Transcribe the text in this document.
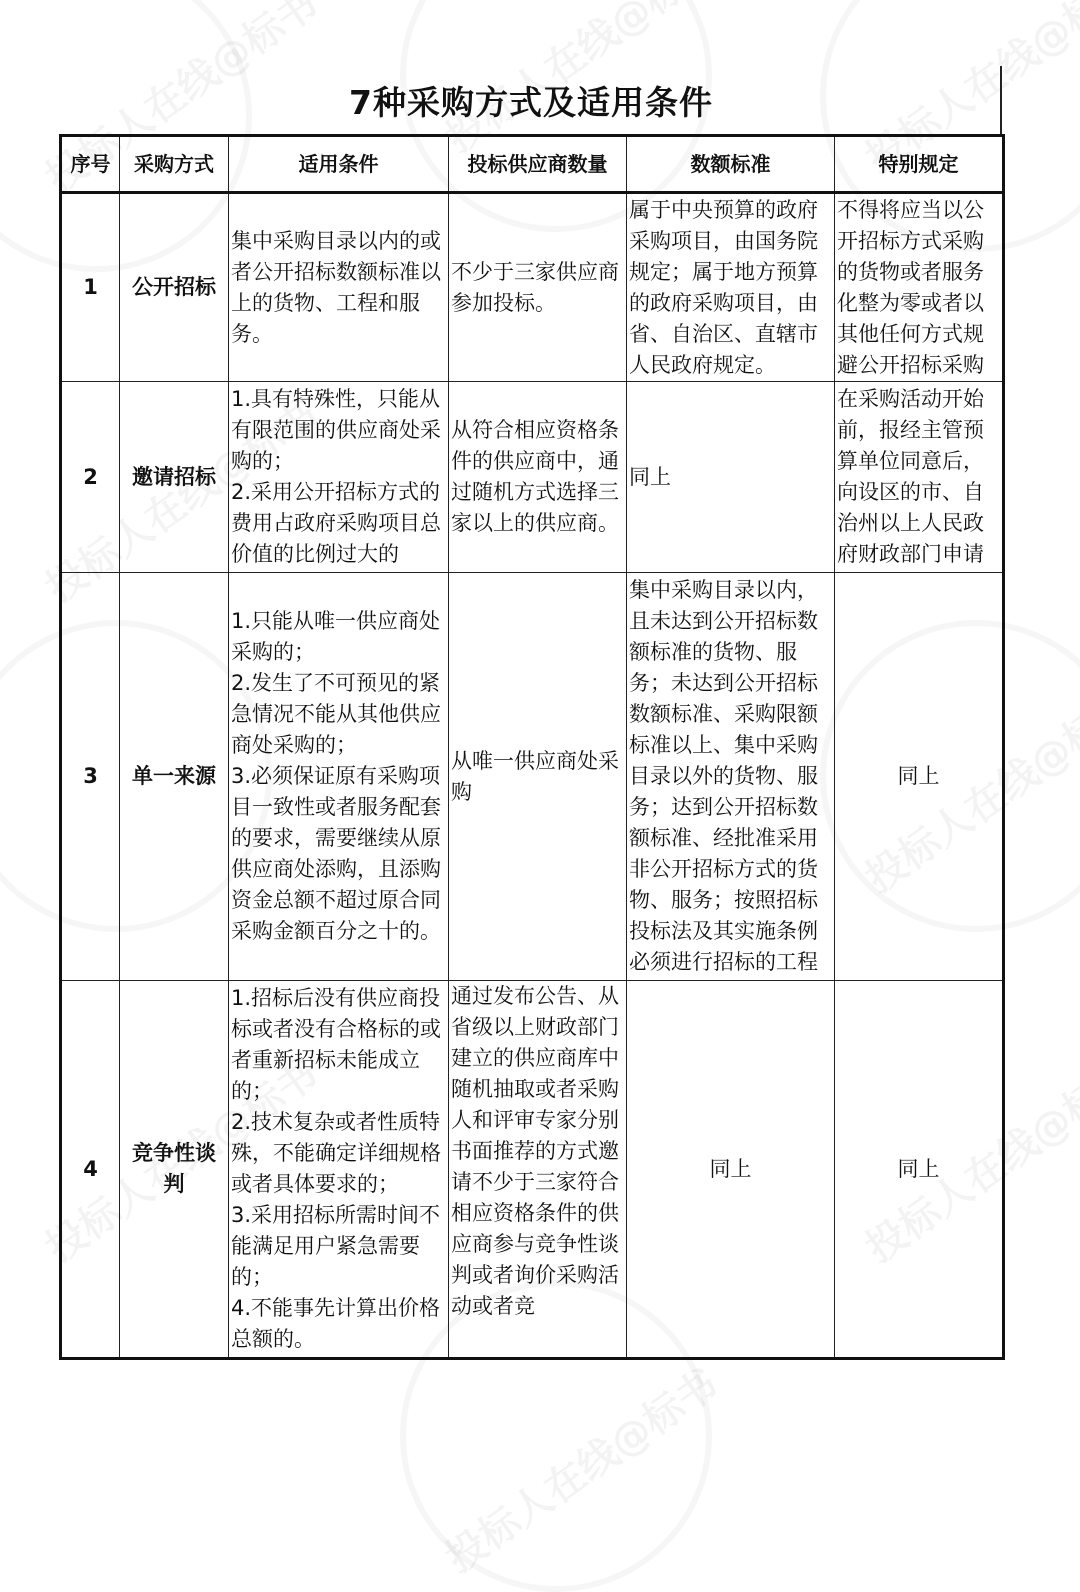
7种采购方式及适用条件
序号	采购方式	适用条件	投标供应商数量	数额标准	特别规定
1	公开招标	集中采购目录以内的或者公开招标数额标准以上的货物、工程和服务。	不少于三家供应商参加投标。	属于中央预算的政府采购项目，由国务院规定；属于地方预算的政府采购项目，由省、自治区、直辖市人民政府规定。	不得将应当以公开招标方式采购的货物或者服务化整为零或者以其他任何方式规避公开招标采购
2	邀请招标	1.具有特殊性，只能从有限范围的供应商处采购的；
2.采用公开招标方式的费用占政府采购项目总价值的比例过大的	从符合相应资格条件的供应商中，通过随机方式选择三家以上的供应商。	同上	在采购活动开始前，报经主管预算单位同意后，向设区的市、自治州以上人民政府财政部门申请
3	单一来源	1.只能从唯一供应商处采购的；
2.发生了不可预见的紧急情况不能从其他供应商处采购的；
3.必须保证原有采购项目一致性或者服务配套的要求，需要继续从原供应商处添购，且添购资金总额不超过原合同采购金额百分之十的。	从唯一供应商处采购	集中采购目录以内，且未达到公开招标数额标准的货物、服务；未达到公开招标数额标准、采购限额标准以上、集中采购目录以外的货物、服务；达到公开招标数额标准、经批准采用非公开招标方式的货物、服务；按照招标投标法及其实施条例必须进行招标的工程	同上
4	竞争性谈判	1.招标后没有供应商投标或者没有合格标的或者重新招标未能成立的；
2.技术复杂或者性质特殊，不能确定详细规格或者具体要求的；
3.采用招标所需时间不能满足用户紧急需要的；
4.不能事先计算出价格总额的。	通过发布公告、从省级以上财政部门建立的供应商库中随机抽取或者采购人和评审专家分别书面推荐的方式邀请不少于三家符合相应资格条件的供应商参与竞争性谈判或者询价采购活动或者竞	同上	同上
